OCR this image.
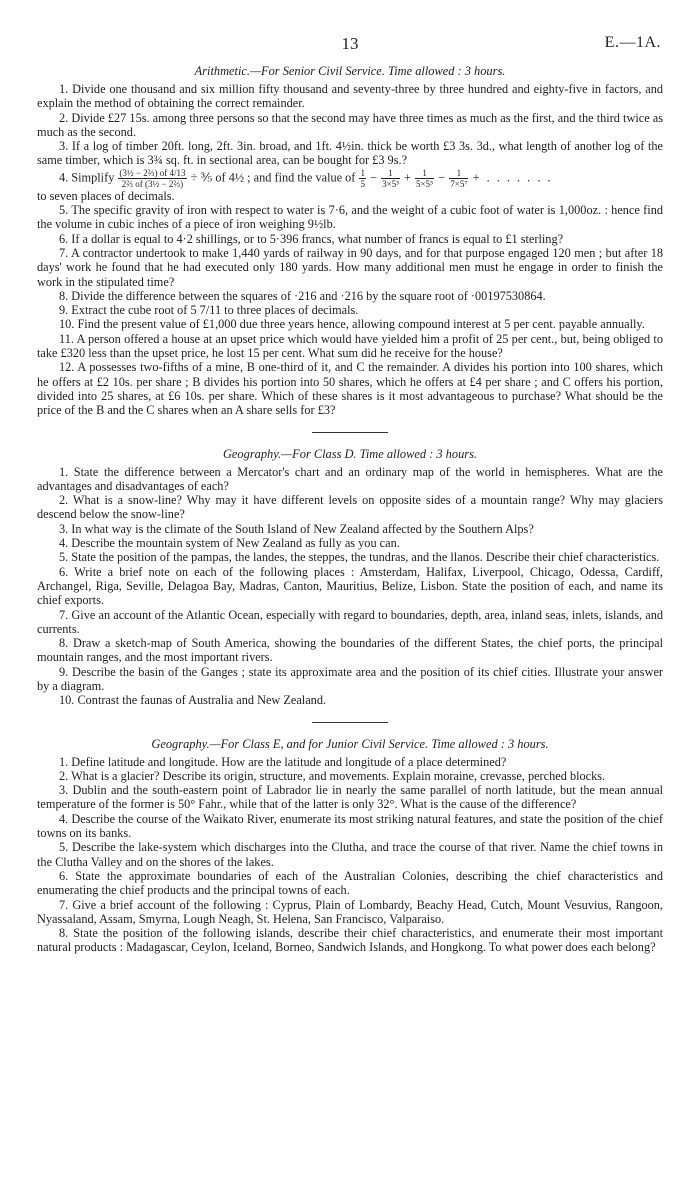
13	E.—1A.
Arithmetic.—For Senior Civil Service. Time allowed : 3 hours.

1. Divide one thousand and six million fifty thousand and seventy-three by three hundred and eighty-five in factors, and explain the method of obtaining the correct remainder.

2. Divide £27 15s. among three persons so that the second may have three times as much as the first, and the third twice as much as the second.

3. If a log of timber 20ft. long, 2ft. 3in. broad, and 1ft. 4½in. thick be worth £3 3s. 3d., what length of another log of the same timber, which is 3¾ sq. ft. in sectional area, can be bought for £3 9s.?

4. Simplify $\frac{\text{(3½ − 2⅔) of 4/13}}{\text{2⅔ of (3½ − 2⅔)}}$ ÷ ⅗ of 4½ ; and find the value of $\frac{1}{5} - \frac{1}{\text{3×5³}} + \frac{1}{\text{5×5⁵}} - \frac{1}{\text{7×5⁷}}$ + . . . . . . .

to seven places of decimals.

5. The specific gravity of iron with respect to water is 7·6, and the weight of a cubic foot of water is 1,000oz. : hence find the volume in cubic inches of a piece of iron weighing 9½lb.

6. If a dollar is equal to 4·2 shillings, or to 5·396 francs, what number of francs is equal to £1 sterling?

7. A contractor undertook to make 1,440 yards of railway in 90 days, and for that purpose engaged 120 men ; but after 18 days' work he found that he had executed only 180 yards. How many additional men must he engage in order to finish the work in the stipulated time?

8. Divide the difference between the squares of ·216 and ·216 by the square root of ·00197530864.

9. Extract the cube root of 5 7/11 to three places of decimals.

10. Find the present value of £1,000 due three years hence, allowing compound interest at 5 per cent. payable annually.

11. A person offered a house at an upset price which would have yielded him a profit of 25 per cent., but, being obliged to take £320 less than the upset price, he lost 15 per cent. What sum did he receive for the house?

12. A possesses two-fifths of a mine, B one-third of it, and C the remainder. A divides his portion into 100 shares, which he offers at £2 10s. per share ; B divides his portion into 50 shares, which he offers at £4 per share ; and C offers his portion, divided into 25 shares, at £6 10s. per share. Which of these shares is it most advantageous to purchase? What should be the price of the B and the C shares when an A share sells for £3?

Geography.—For Class D. Time allowed : 3 hours.

1. State the difference between a Mercator's chart and an ordinary map of the world in hemispheres. What are the advantages and disadvantages of each?

2. What is a snow-line? Why may it have different levels on opposite sides of a mountain range? Why may glaciers descend below the snow-line?

3. In what way is the climate of the South Island of New Zealand affected by the Southern Alps?

4. Describe the mountain system of New Zealand as fully as you can.

5. State the position of the pampas, the landes, the steppes, the tundras, and the llanos. Describe their chief characteristics.

6. Write a brief note on each of the following places : Amsterdam, Halifax, Liverpool, Chicago, Odessa, Cardiff, Archangel, Riga, Seville, Delagoa Bay, Madras, Canton, Mauritius, Belize, Lisbon. State the position of each, and name its chief exports.

7. Give an account of the Atlantic Ocean, especially with regard to boundaries, depth, area, inland seas, inlets, islands, and currents.

8. Draw a sketch-map of South America, showing the boundaries of the different States, the chief ports, the principal mountain ranges, and the most important rivers.

9. Describe the basin of the Ganges ; state its approximate area and the position of its chief cities. Illustrate your answer by a diagram.

10. Contrast the faunas of Australia and New Zealand.

Geography.—For Class E, and for Junior Civil Service. Time allowed : 3 hours.

1. Define latitude and longitude. How are the latitude and longitude of a place determined?

2. What is a glacier? Describe its origin, structure, and movements. Explain moraine, crevasse, perched blocks.

3. Dublin and the south-eastern point of Labrador lie in nearly the same parallel of north latitude, but the mean annual temperature of the former is 50° Fahr., while that of the latter is only 32°. What is the cause of the difference?

4. Describe the course of the Waikato River, enumerate its most striking natural features, and state the position of the chief towns on its banks.

5. Describe the lake-system which discharges into the Clutha, and trace the course of that river. Name the chief towns in the Clutha Valley and on the shores of the lakes.

6. State the approximate boundaries of each of the Australian Colonies, describing the chief characteristics and enumerating the chief products and the principal towns of each.

7. Give a brief account of the following : Cyprus, Plain of Lombardy, Beachy Head, Cutch, Mount Vesuvius, Rangoon, Nyassaland, Assam, Smyrna, Lough Neagh, St. Helena, San Francisco, Valparaiso.

8. State the position of the following islands, describe their chief characteristics, and enumerate their most important natural products : Madagascar, Ceylon, Iceland, Borneo, Sandwich Islands, and Hongkong. To what power does each belong?
